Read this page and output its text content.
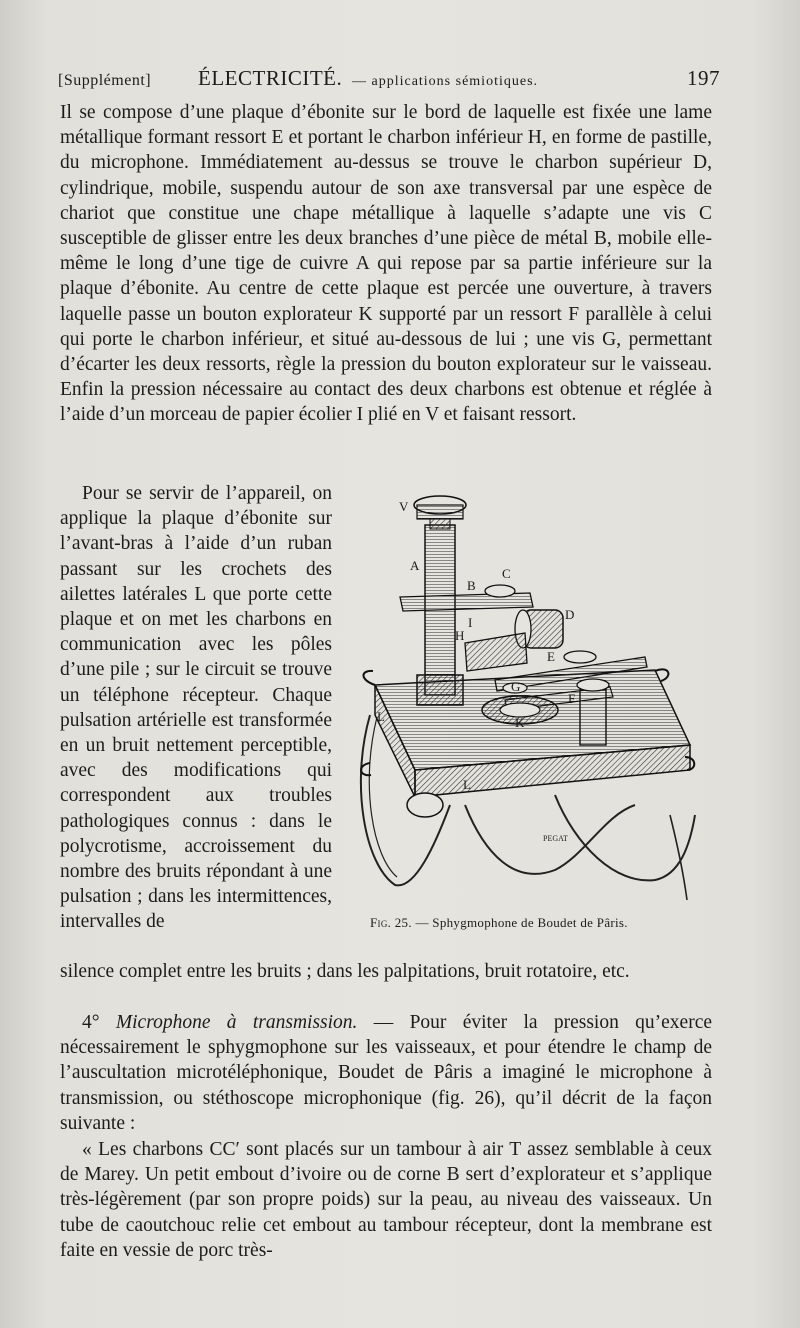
[Supplément] ÉLECTRICITÉ. — applications sémiotiques.	197

Il se compose d’une plaque d’ébonite sur le bord de laquelle est fixée une lame métallique formant ressort E et portant le charbon inférieur H, en forme de pastille, du microphone. Immédiatement au-dessus se trouve le charbon supérieur D, cylindrique, mobile, suspendu autour de son axe transversal par une espèce de chariot que constitue une chape métallique à laquelle s’adapte une vis C susceptible de glisser entre les deux branches d’une pièce de métal B, mobile elle-même le long d’une tige de cuivre A qui repose par sa partie inférieure sur la plaque d’ébonite. Au centre de cette plaque est percée une ouverture, à travers laquelle passe un bouton explorateur K supporté par un ressort F parallèle à celui qui porte le charbon inférieur, et situé au-dessous de lui ; une vis G, permettant d’écarter les deux ressorts, règle la pression du bouton explorateur sur le vaisseau. Enfin la pression nécessaire au contact des deux charbons est obtenue et réglée à l’aide d’un morceau de papier écolier I plié en V et faisant ressort.

Pour se servir de l’appareil, on applique la plaque d’ébonite sur l’avant-bras à l’aide d’un ruban passant sur les crochets des ailettes latérales L que porte cette plaque et on met les charbons en communication avec les pôles d’une pile ; sur le circuit se trouve un téléphone récepteur. Chaque pulsation artérielle est transformée en un bruit nettement perceptible, avec des modifications qui correspondent aux troubles pathologiques connus : dans le polycrotisme, accroissement du nombre des bruits répondant à une pulsation ; dans les intermittences, intervalles de

silence complet entre les bruits ; dans les palpitations, bruit rotatoire, etc.

4° Microphone à transmission. — Pour éviter la pression qu’exerce nécessairement le sphygmophone sur les vaisseaux, et pour étendre le champ de l’auscultation microtéléphonique, Boudet de Pâris a imaginé le microphone à transmission, ou stéthoscope microphonique (fig. 26), qu’il décrit de la façon suivante :

« Les charbons CC′ sont placés sur un tambour à air T assez semblable à ceux de Marey. Un petit embout d’ivoire ou de corne B sert d’explorateur et s’applique très-légèrement (par son propre poids) sur la peau, au niveau des vaisseaux. Un tube de caoutchouc relie cet embout au tambour récepteur, dont la membrane est faite en vessie de porc très-

V
A
B
C
D
I
H
E
G
F
K
L
L
PEGAT
Fig. 25. — Sphygmophone de Boudet de Pâris.
